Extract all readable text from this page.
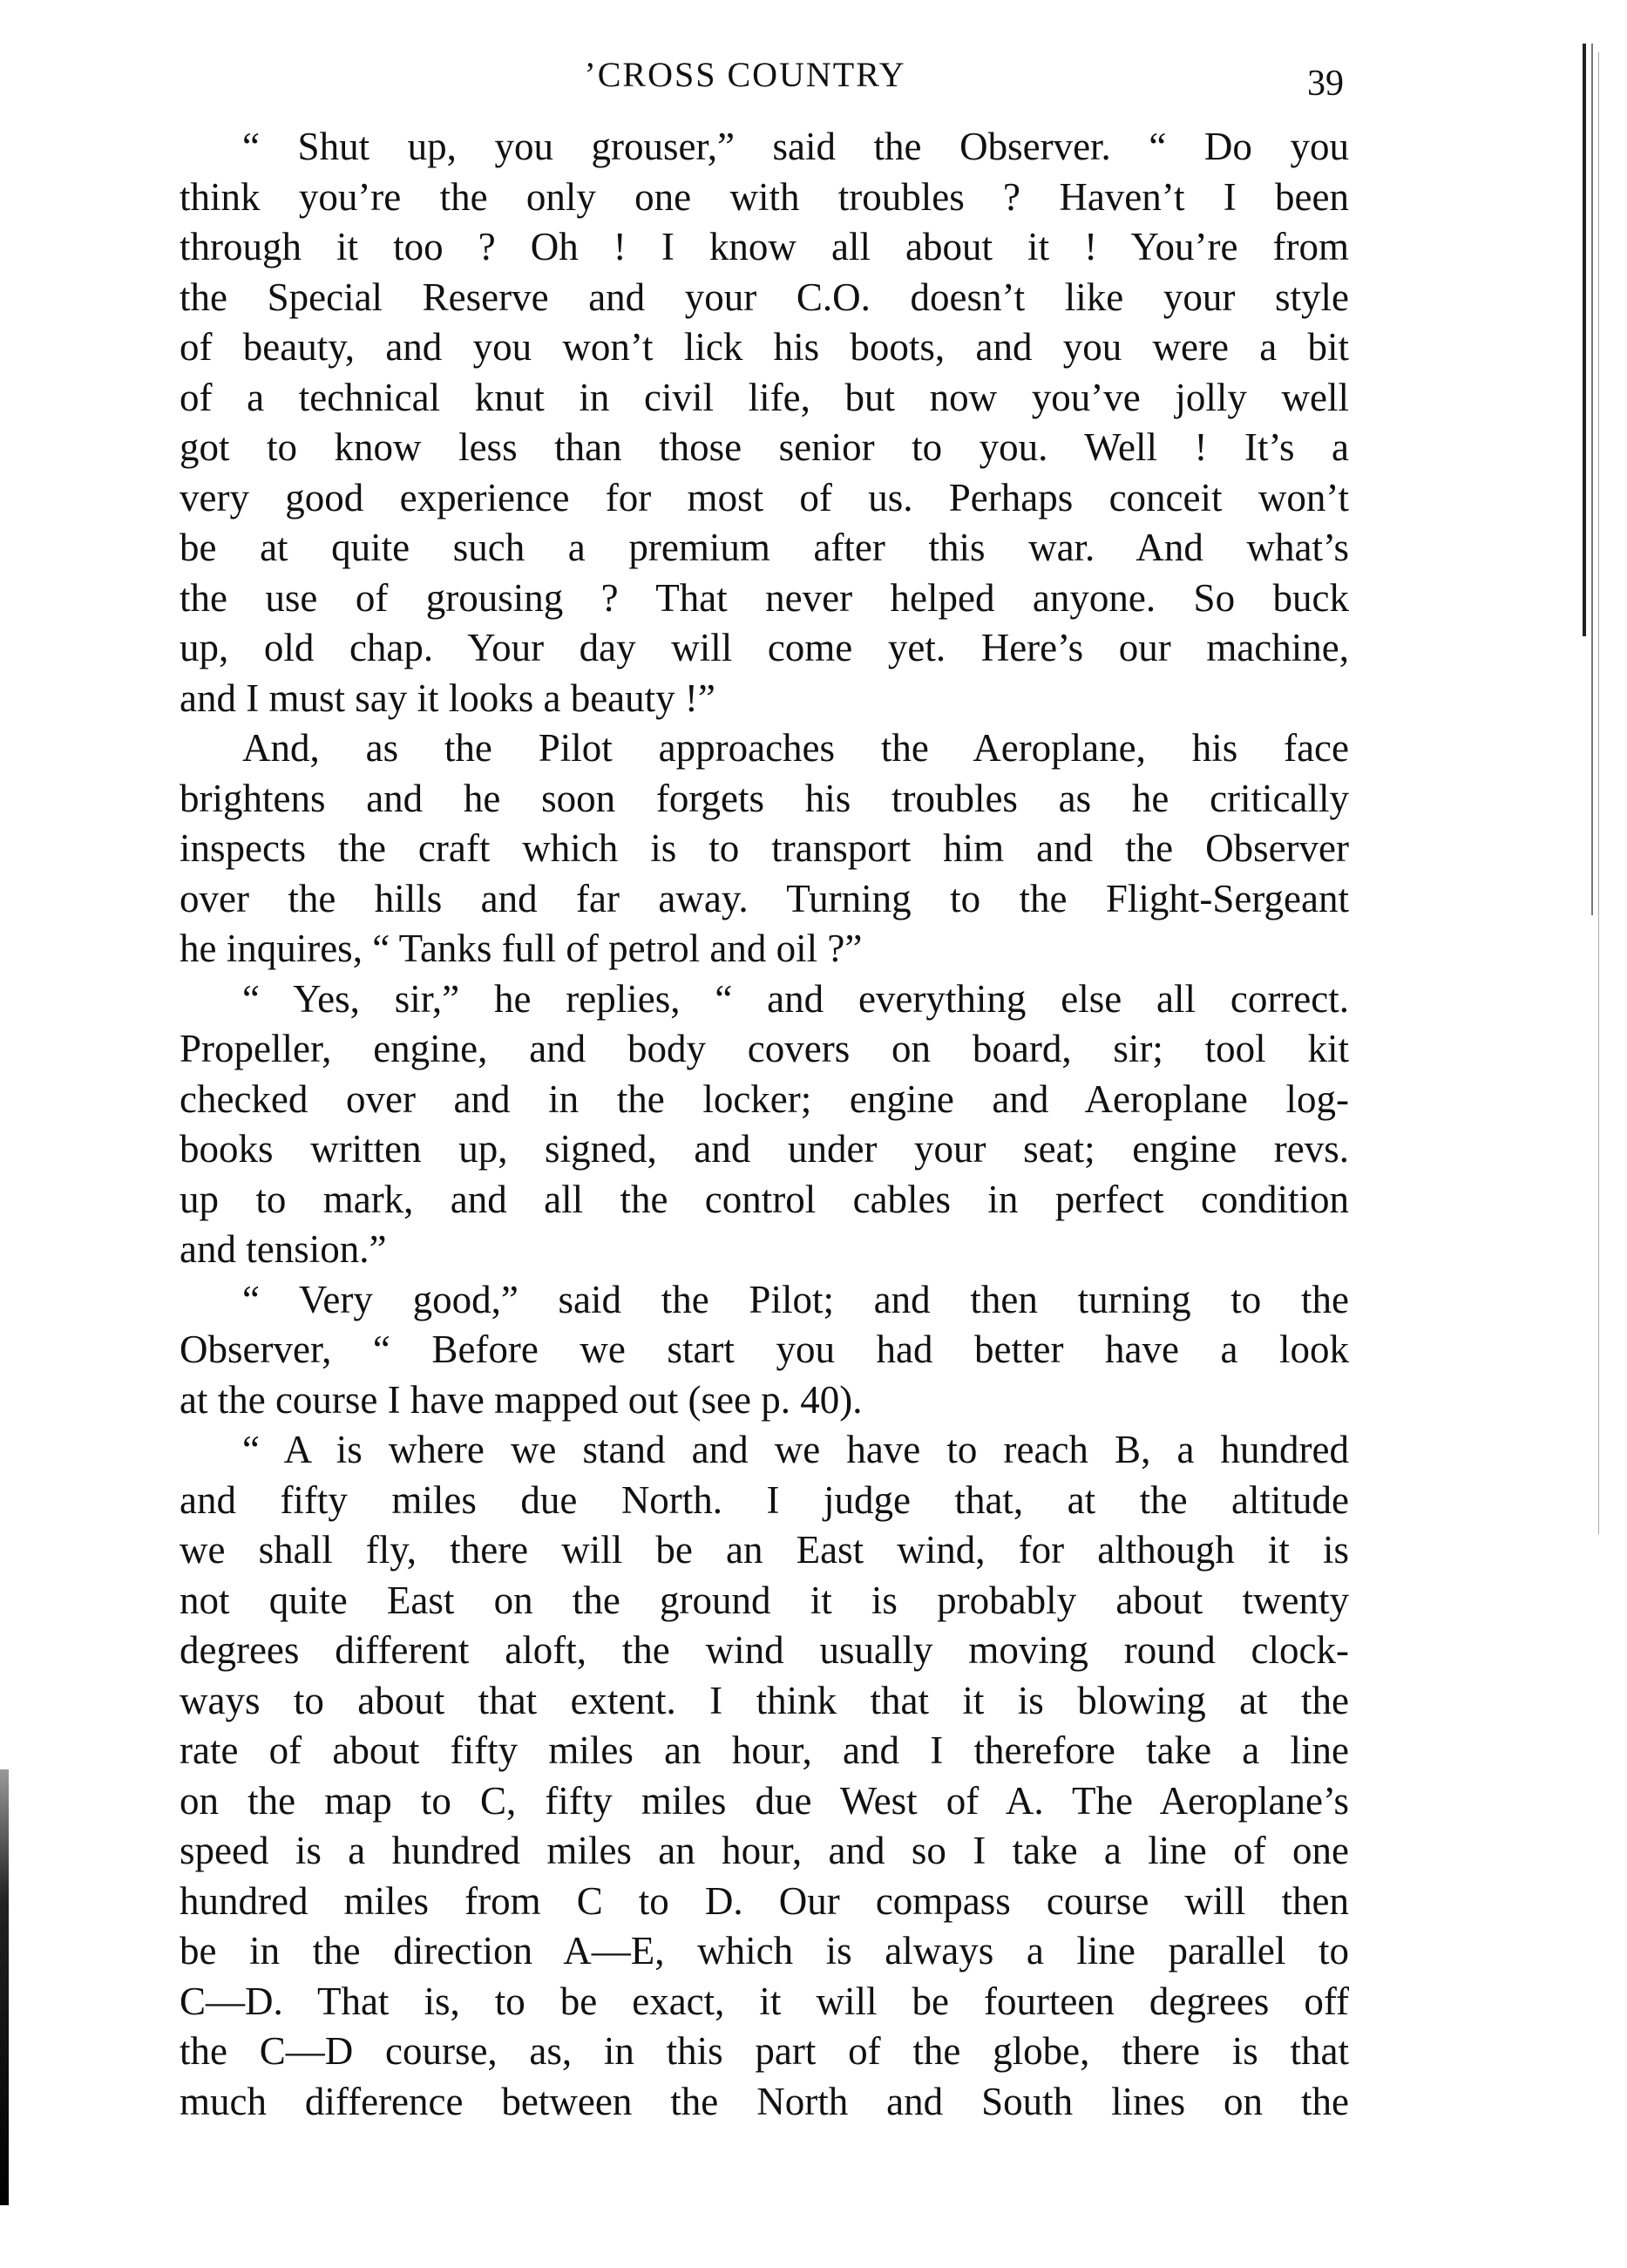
’CROSS COUNTRY	39
“ Shut up, you grouser,” said the Observer. “ Do you
think you’re the only one with troubles ? Haven’t I been
through it too ? Oh ! I know all about it ! You’re from
the Special Reserve and your C.O. doesn’t like your style
of beauty, and you won’t lick his boots, and you were a bit
of a technical knut in civil life, but now you’ve jolly well
got to know less than those senior to you. Well ! It’s a
very good experience for most of us. Perhaps conceit won’t
be at quite such a premium after this war. And what’s
the use of grousing ? That never helped anyone. So buck
up, old chap. Your day will come yet. Here’s our machine,
and I must say it looks a beauty !”
And, as the Pilot approaches the Aeroplane, his face
brightens and he soon forgets his troubles as he critically
inspects the craft which is to transport him and the Observer
over the hills and far away. Turning to the Flight-Sergeant
he inquires, “ Tanks full of petrol and oil ?”
“ Yes, sir,” he replies, “ and everything else all correct.
Propeller, engine, and body covers on board, sir; tool kit
checked over and in the locker; engine and Aeroplane log-
books written up, signed, and under your seat; engine revs.
up to mark, and all the control cables in perfect condition
and tension.”
“ Very good,” said the Pilot; and then turning to the
Observer, “ Before we start you had better have a look
at the course I have mapped out (see p. 40).
“ A is where we stand and we have to reach B, a hundred
and fifty miles due North. I judge that, at the altitude
we shall fly, there will be an East wind, for although it is
not quite East on the ground it is probably about twenty
degrees different aloft, the wind usually moving round clock-
ways to about that extent. I think that it is blowing at the
rate of about fifty miles an hour, and I therefore take a line
on the map to C, fifty miles due West of A. The Aeroplane’s
speed is a hundred miles an hour, and so I take a line of one
hundred miles from C to D. Our compass course will then
be in the direction A—E, which is always a line parallel to
C—D. That is, to be exact, it will be fourteen degrees off
the C—D course, as, in this part of the globe, there is that
much difference between the North and South lines on the
